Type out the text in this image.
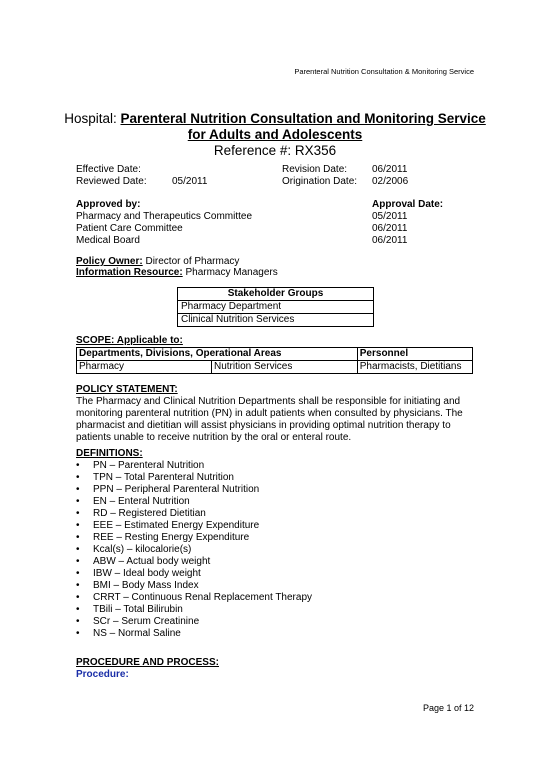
Parenteral Nutrition Consultation & Monitoring Service
Hospital: Parenteral Nutrition Consultation and Monitoring Service
for Adults and Adolescents
Reference #: RX356
Effective Date:	Revision Date: 06/2011
Reviewed Date:	05/2011	Origination Date: 02/2006
Approved by:	Approval Date:
Pharmacy and Therapeutics Committee	05/2011
Patient Care Committee	06/2011
Medical Board	06/2011
Policy Owner: Director of Pharmacy
Information Resource: Pharmacy Managers
Stakeholder Groups
Pharmacy Department
Clinical Nutrition Services
SCOPE: Applicable to:
Departments, Divisions, Operational Areas		Personnel
Pharmacy	Nutrition Services	Pharmacists, Dietitians
POLICY STATEMENT:
The Pharmacy and Clinical Nutrition Departments shall be responsible for initiating and monitoring parenteral nutrition (PN) in adult patients when consulted by physicians. The pharmacist and dietitian will assist physicians in providing optimal nutrition therapy to patients unable to receive nutrition by the oral or enteral route.
DEFINITIONS:
•	PN – Parenteral Nutrition
•	TPN – Total Parenteral Nutrition
•	PPN – Peripheral Parenteral Nutrition
•	EN – Enteral Nutrition
•	RD – Registered Dietitian
•	EEE – Estimated Energy Expenditure
•	REE – Resting Energy Expenditure
•	Kcal(s) – kilocalorie(s)
•	ABW – Actual body weight
•	IBW – Ideal body weight
•	BMI – Body Mass Index
•	CRRT – Continuous Renal Replacement Therapy
•	TBili – Total Bilirubin
•	SCr – Serum Creatinine
•	NS – Normal Saline
PROCEDURE AND PROCESS:
Procedure:
Page 1 of 12
